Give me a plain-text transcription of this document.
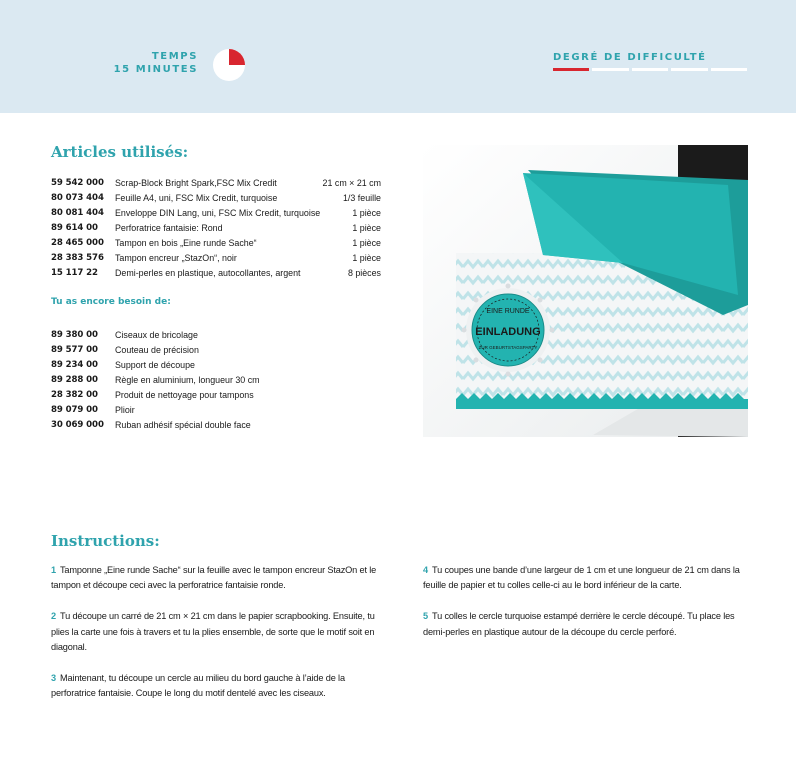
TEMPS
15 MINUTES
DEGRÉ DE DIFFICULTÉ
Articles utilisés:
59 542 000	Scrap-Block Bright Spark,FSC Mix Credit	21 cm × 21 cm
80 073 404	Feuille A4, uni, FSC Mix Credit, turquoise	1/3 feuille
80 081 404	Enveloppe DIN Lang, uni, FSC Mix Credit, turquoise	1 pièce
89 614 00	Perforatrice fantaisie: Rond	1 pièce
28 465 000	Tampon en bois „Eine runde Sache“	1 pièce
28 383 576	Tampon encreur „StazOn“, noir	1 pièce
15 117 22	Demi-perles en plastique, autocollantes, argent	8 pièces
Tu as encore besoin de:
89 380 00	Ciseaux de bricolage
89 577 00	Couteau de précision
89 234 00	Support de découpe
89 288 00	Règle en aluminium, longueur 30 cm
28 382 00	Produit de nettoyage pour tampons
89 079 00	Plioir
30 069 000	Ruban adhésif spécial double face
EINE RUNDE
EINLADUNG
ZUR GEBURTSTAGSPARTY
Instructions:

1 Tamponne „Eine runde Sache“ sur la feuille avec le tampon encreur StazOn et le tampon et découpe ceci avec la perforatrice fantaisie ronde.

2 Tu découpe un carré de 21 cm × 21 cm dans le papier scrapbooking. Ensuite, tu plies la carte une fois à travers et tu la plies ensemble, de sorte que le motif soit en diagonal.

3 Maintenant, tu découpe un cercle au milieu du bord gauche à l’aide de la perforatrice fantaisie. Coupe le long du motif dentelé avec les ciseaux.

4 Tu coupes une bande d’une largeur de 1 cm et une longueur de 21 cm dans la feuille de papier et tu colles celle-ci au le bord inférieur de la carte.

5 Tu colles le cercle turquoise estampé derrière le cercle découpé. Tu place les demi-perles en plastique autour de la découpe du cercle perforé.
